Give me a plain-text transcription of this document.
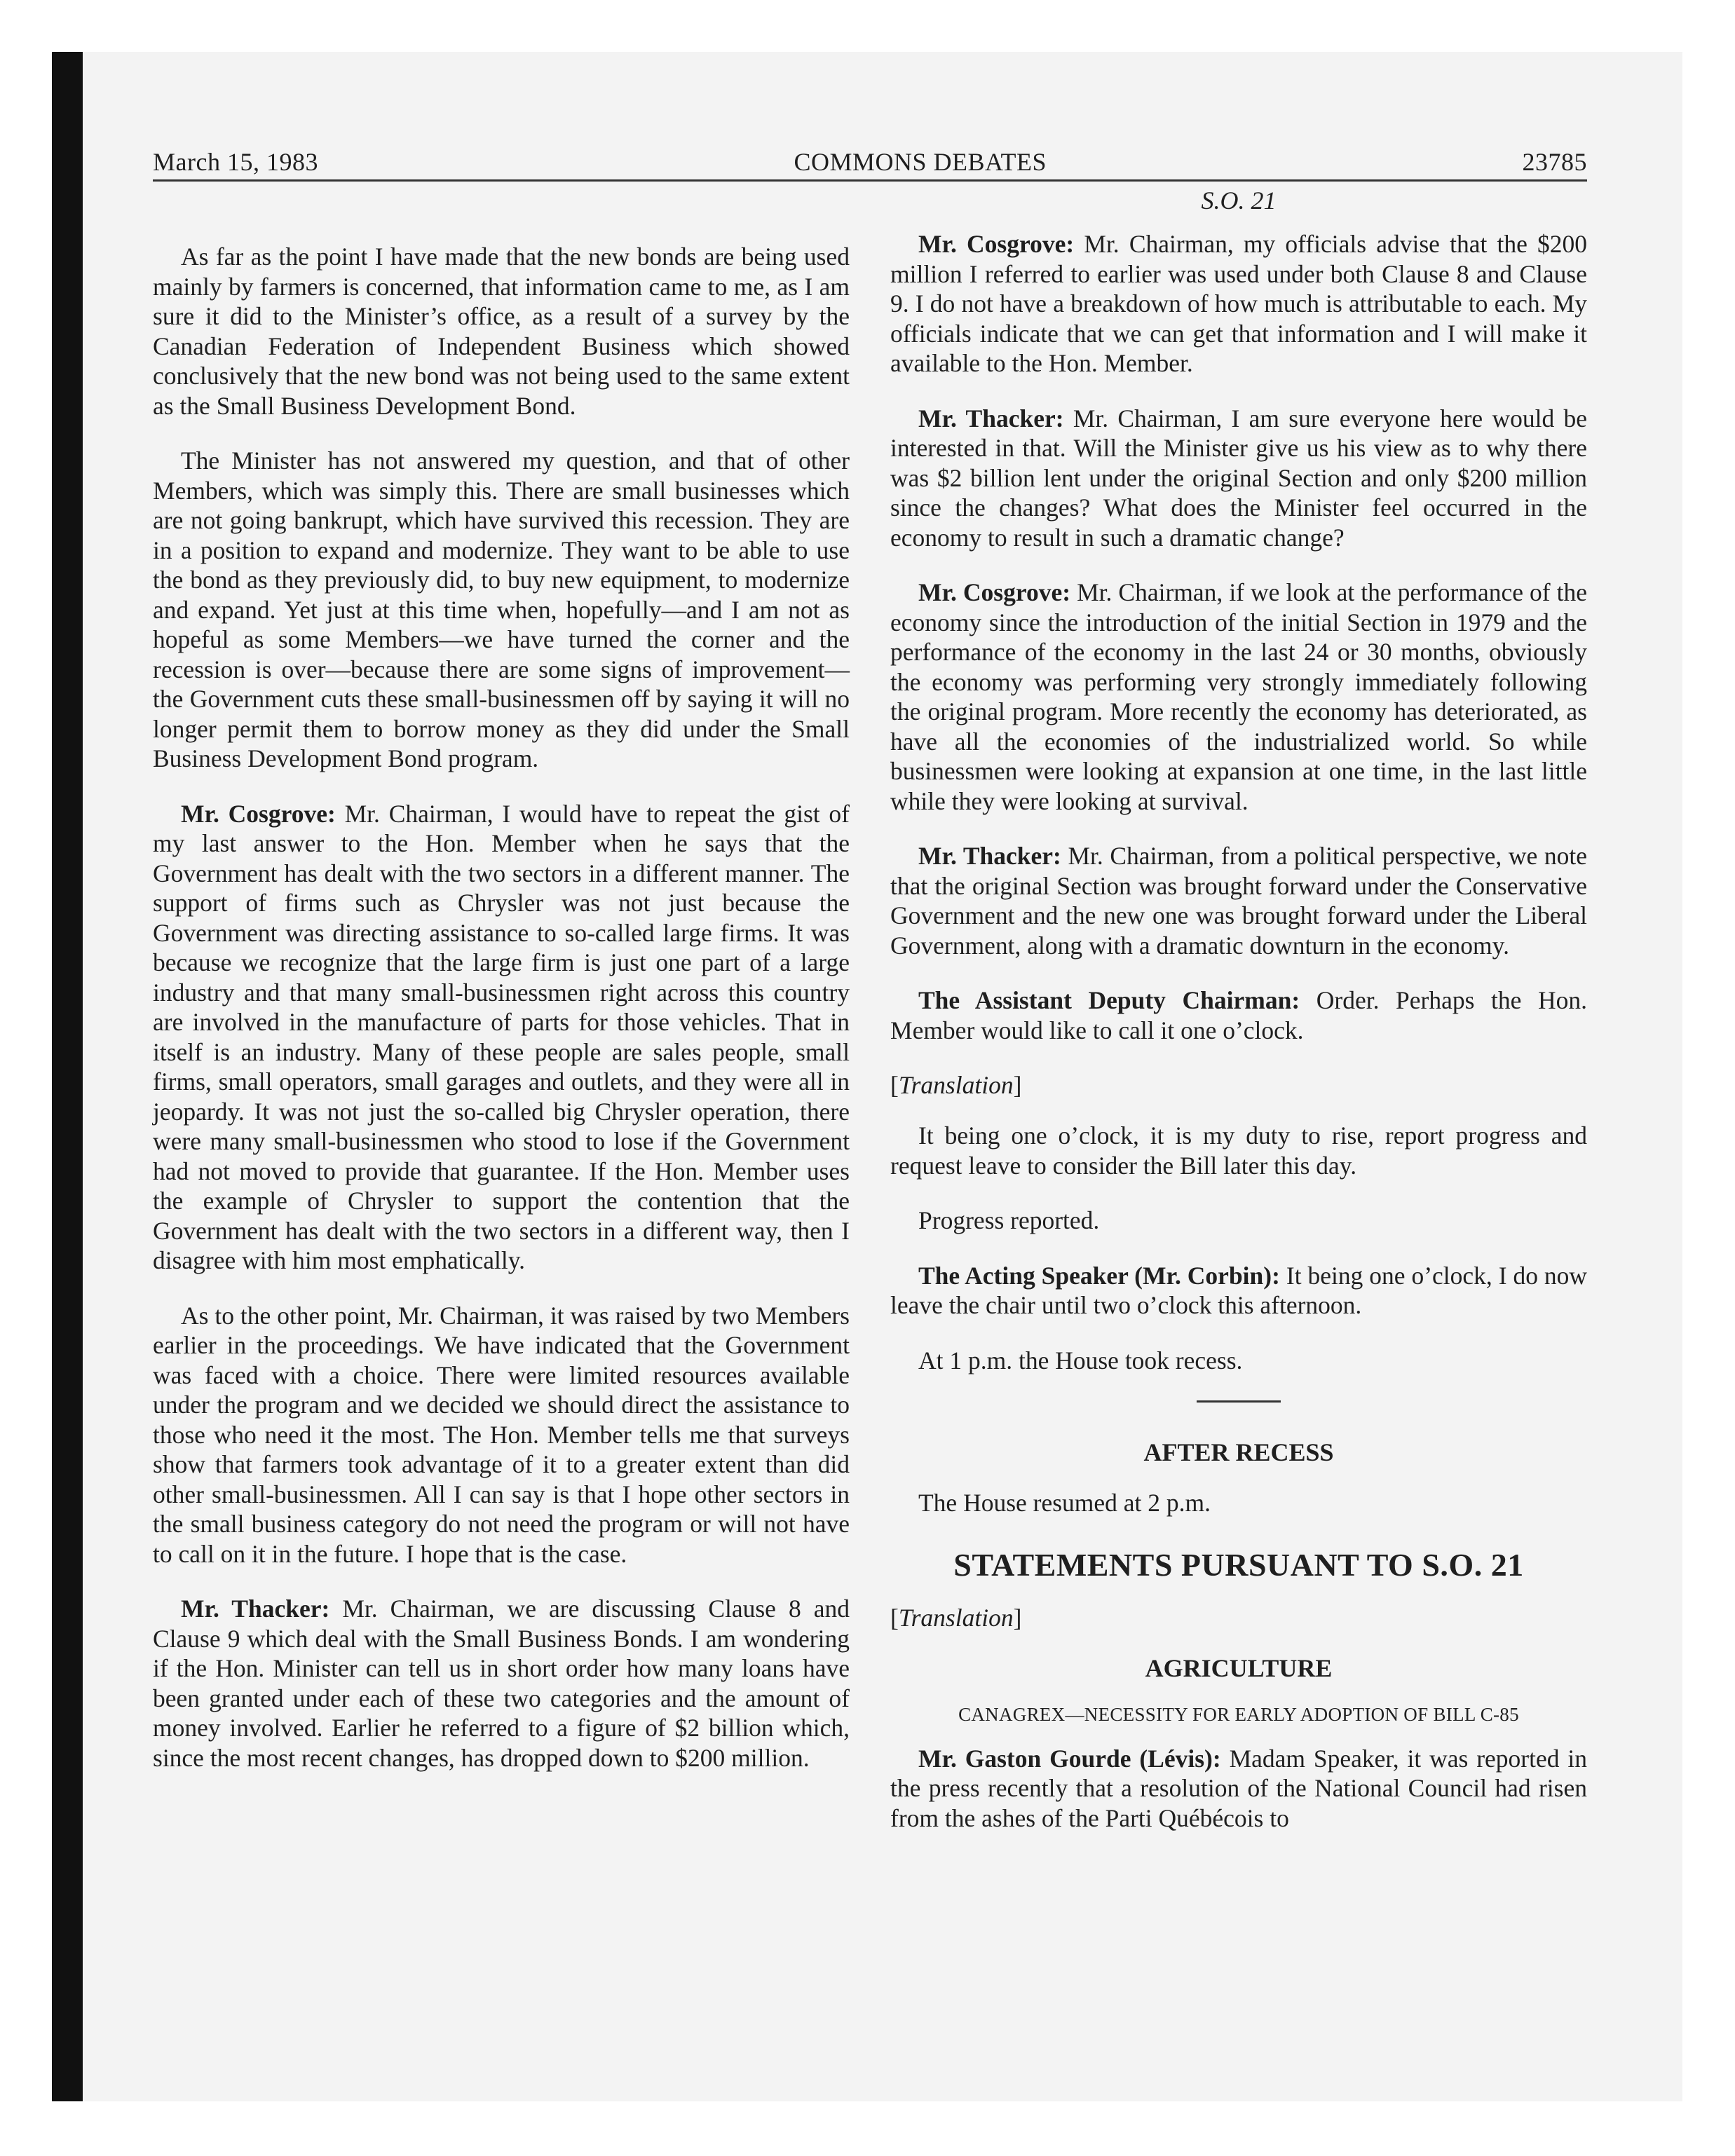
March 15, 1983	COMMONS DEBATES	23785

As far as the point I have made that the new bonds are being used mainly by farmers is concerned, that information came to me, as I am sure it did to the Minister’s office, as a result of a survey by the Canadian Federation of Independent Business which showed conclusively that the new bond was not being used to the same extent as the Small Business Development Bond.

The Minister has not answered my question, and that of other Members, which was simply this. There are small businesses which are not going bankrupt, which have survived this recession. They are in a position to expand and modernize. They want to be able to use the bond as they previously did, to buy new equipment, to modernize and expand. Yet just at this time when, hopefully—and I am not as hopeful as some Members—we have turned the corner and the recession is over—because there are some signs of improvement—the Government cuts these small-businessmen off by saying it will no longer permit them to borrow money as they did under the Small Business Development Bond program.

Mr. Cosgrove: Mr. Chairman, I would have to repeat the gist of my last answer to the Hon. Member when he says that the Government has dealt with the two sectors in a different manner. The support of firms such as Chrysler was not just because the Government was directing assistance to so-called large firms. It was because we recognize that the large firm is just one part of a large industry and that many small-businessmen right across this country are involved in the manufacture of parts for those vehicles. That in itself is an industry. Many of these people are sales people, small firms, small operators, small garages and outlets, and they were all in jeopardy. It was not just the so-called big Chrysler operation, there were many small-businessmen who stood to lose if the Government had not moved to provide that guarantee. If the Hon. Member uses the example of Chrysler to support the contention that the Government has dealt with the two sectors in a different way, then I disagree with him most emphatically.

As to the other point, Mr. Chairman, it was raised by two Members earlier in the proceedings. We have indicated that the Government was faced with a choice. There were limited resources available under the program and we decided we should direct the assistance to those who need it the most. The Hon. Member tells me that surveys show that farmers took advantage of it to a greater extent than did other small-businessmen. All I can say is that I hope other sectors in the small business category do not need the program or will not have to call on it in the future. I hope that is the case.

Mr. Thacker: Mr. Chairman, we are discussing Clause 8 and Clause 9 which deal with the Small Business Bonds. I am wondering if the Hon. Minister can tell us in short order how many loans have been granted under each of these two categories and the amount of money involved. Earlier he referred to a figure of $2 billion which, since the most recent changes, has dropped down to $200 million.

S.O. 21

Mr. Cosgrove: Mr. Chairman, my officials advise that the $200 million I referred to earlier was used under both Clause 8 and Clause 9. I do not have a breakdown of how much is attributable to each. My officials indicate that we can get that information and I will make it available to the Hon. Member.

Mr. Thacker: Mr. Chairman, I am sure everyone here would be interested in that. Will the Minister give us his view as to why there was $2 billion lent under the original Section and only $200 million since the changes? What does the Minister feel occurred in the economy to result in such a dramatic change?

Mr. Cosgrove: Mr. Chairman, if we look at the performance of the economy since the introduction of the initial Section in 1979 and the performance of the economy in the last 24 or 30 months, obviously the economy was performing very strongly immediately following the original program. More recently the economy has deteriorated, as have all the economies of the industrialized world. So while businessmen were looking at expansion at one time, in the last little while they were looking at survival.

Mr. Thacker: Mr. Chairman, from a political perspective, we note that the original Section was brought forward under the Conservative Government and the new one was brought forward under the Liberal Government, along with a dramatic downturn in the economy.

The Assistant Deputy Chairman: Order. Perhaps the Hon. Member would like to call it one o’clock.

[Translation]

It being one o’clock, it is my duty to rise, report progress and request leave to consider the Bill later this day.

Progress reported.

The Acting Speaker (Mr. Corbin): It being one o’clock, I do now leave the chair until two o’clock this afternoon.

At 1 p.m. the House took recess.

AFTER RECESS

The House resumed at 2 p.m.

STATEMENTS PURSUANT TO S.O. 21
[Translation]
AGRICULTURE
CANAGREX—NECESSITY FOR EARLY ADOPTION OF BILL C-85

Mr. Gaston Gourde (Lévis): Madam Speaker, it was reported in the press recently that a resolution of the National Council had risen from the ashes of the Parti Québécois to
